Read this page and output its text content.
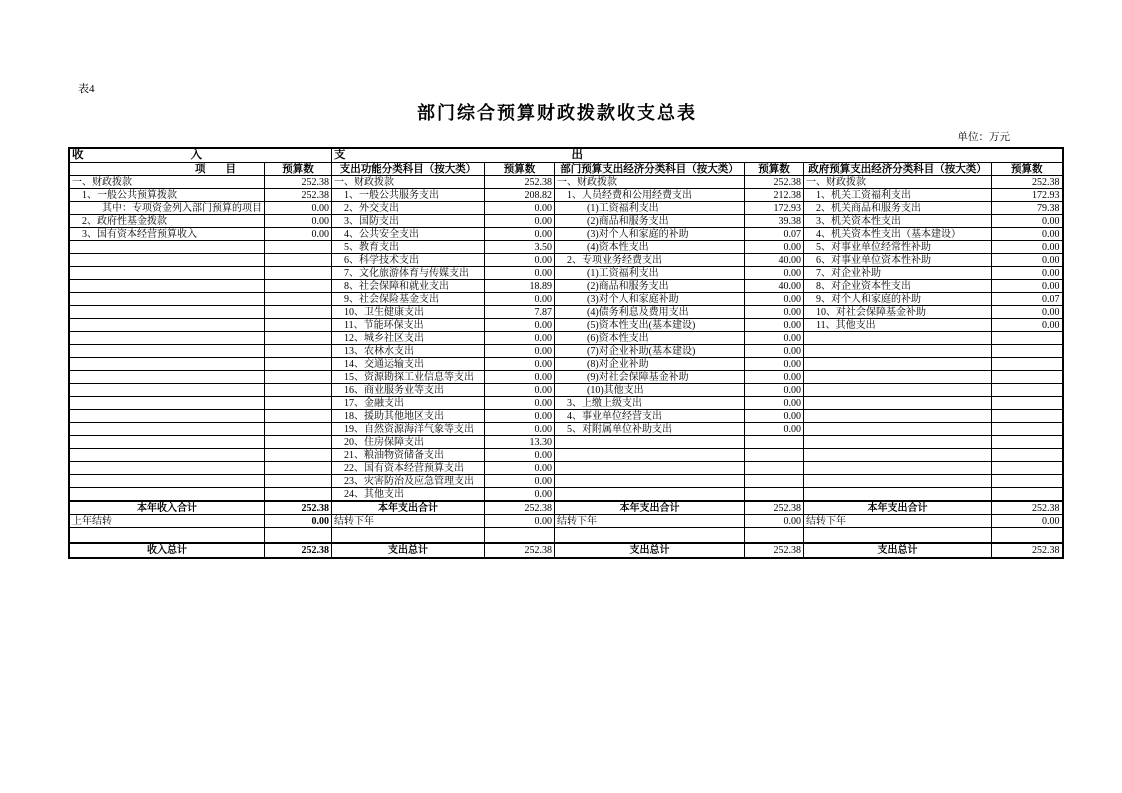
表4
部门综合预算财政拨款收支总表
单位：万元
收入		支出					
项目	预算数	支出功能分类科目（按大类）	预算数	部门预算支出经济分类科目（按大类）	预算数	政府预算支出经济分类科目（按大类）	预算数
一、财政拨款	252.38	一、财政拨款	252.38	一、财政拨款	252.38	一、财政拨款	252.38
　1、一般公共预算拨款	252.38	　1、一般公共服务支出	208.82	　1、人员经费和公用经费支出	212.38	　1、机关工资福利支出	172.93
　　　其中：专项资金列入部门预算的项目	0.00	　2、外交支出	0.00	　　　(1)工资福利支出	172.93	　2、机关商品和服务支出	79.38
　2、政府性基金拨款	0.00	　3、国防支出	0.00	　　　(2)商品和服务支出	39.38	　3、机关资本性支出	0.00
　3、国有资本经营预算收入	0.00	　4、公共安全支出	0.00	　　　(3)对个人和家庭的补助	0.07	　4、机关资本性支出（基本建设）	0.00
		　5、教育支出	3.50	　　　(4)资本性支出	0.00	　5、对事业单位经常性补助	0.00
		　6、科学技术支出	0.00	　2、专项业务经费支出	40.00	　6、对事业单位资本性补助	0.00
		　7、文化旅游体育与传媒支出	0.00	　　　(1)工资福利支出	0.00	　7、对企业补助	0.00
		　8、社会保障和就业支出	18.89	　　　(2)商品和服务支出	40.00	　8、对企业资本性支出	0.00
		　9、社会保险基金支出	0.00	　　　(3)对个人和家庭补助	0.00	　9、对个人和家庭的补助	0.07
		　10、卫生健康支出	7.87	　　　(4)债务利息及费用支出	0.00	　10、对社会保障基金补助	0.00
		　11、节能环保支出	0.00	　　　(5)资本性支出(基本建设)	0.00	　11、其他支出	0.00
		　12、城乡社区支出	0.00	　　　(6)资本性支出	0.00		
		　13、农林水支出	0.00	　　　(7)对企业补助(基本建设)	0.00		
		　14、交通运输支出	0.00	　　　(8)对企业补助	0.00		
		　15、资源勘探工业信息等支出	0.00	　　　(9)对社会保障基金补助	0.00		
		　16、商业服务业等支出	0.00	　　　(10)其他支出	0.00		
		　17、金融支出	0.00	　3、上缴上级支出	0.00		
		　18、援助其他地区支出	0.00	　4、事业单位经营支出	0.00		
		　19、自然资源海洋气象等支出	0.00	　5、对附属单位补助支出	0.00		
		　20、住房保障支出	13.30				
		　21、粮油物资储备支出	0.00				
		　22、国有资本经营预算支出	0.00				
		　23、灾害防治及应急管理支出	0.00				
		　24、其他支出	0.00				
本年收入合计	252.38	本年支出合计	252.38	本年支出合计	252.38	本年支出合计	252.38
上年结转	0.00	结转下年	0.00	结转下年	0.00	结转下年	0.00

收入总计	252.38	支出总计	252.38	支出总计	252.38	支出总计	252.38
